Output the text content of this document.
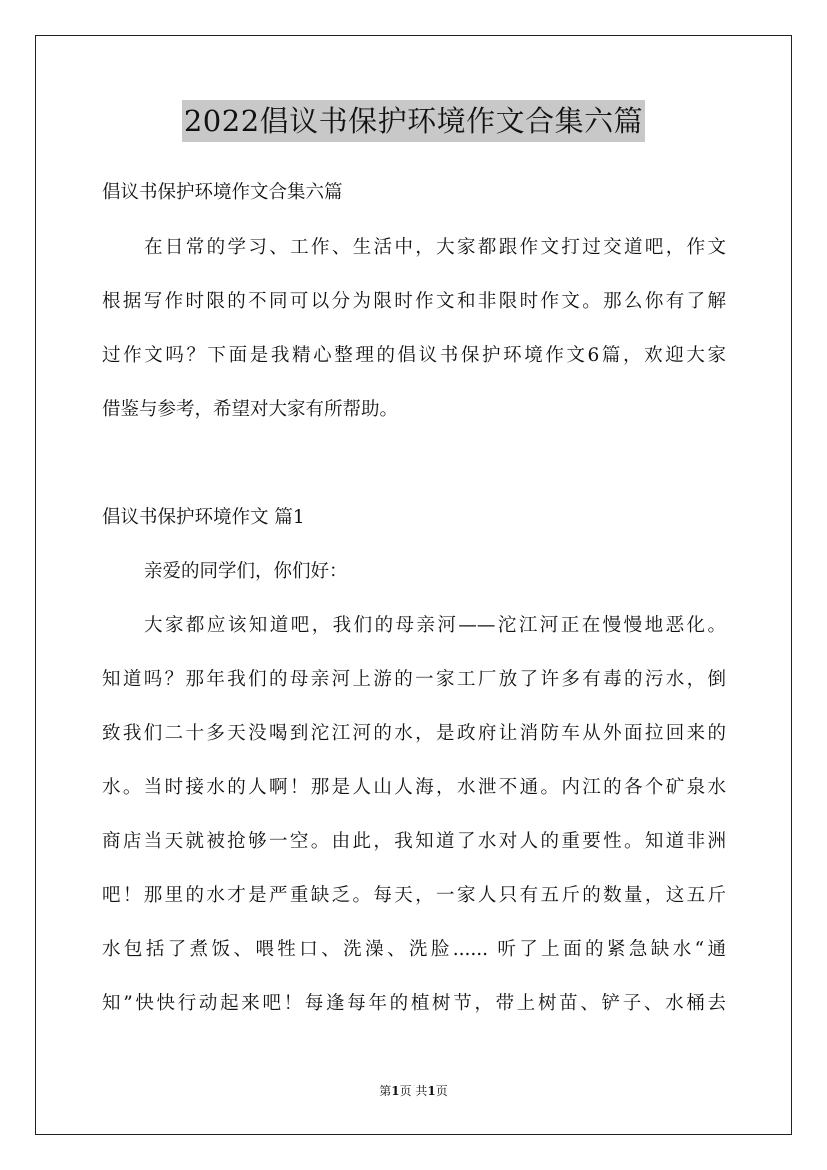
2022倡议书保护环境作文合集六篇
倡议书保护环境作文合集六篇
在日常的学习、工作、生活中，大家都跟作文打过交道吧，作文
根据写作时限的不同可以分为限时作文和非限时作文。那么你有了解
过作文吗？下面是我精心整理的倡议书保护环境作文6篇，欢迎大家
借鉴与参考，希望对大家有所帮助。
倡议书保护环境作文 篇1
亲爱的同学们，你们好：
大家都应该知道吧，我们的母亲河——沱江河正在慢慢地恶化。
知道吗？那年我们的母亲河上游的一家工厂放了许多有毒的污水，倒
致我们二十多天没喝到沱江河的水，是政府让消防车从外面拉回来的
水。当时接水的人啊！那是人山人海，水泄不通。内江的各个矿泉水
商店当天就被抢够一空。由此，我知道了水对人的重要性。知道非洲
吧！那里的水才是严重缺乏。每天，一家人只有五斤的数量，这五斤
水包括了煮饭、喂牲口、洗澡、洗脸...... 听了上面的紧急缺水“通
知”快快行动起来吧！每逢每年的植树节，带上树苗、铲子、水桶去
第1页 共1页
